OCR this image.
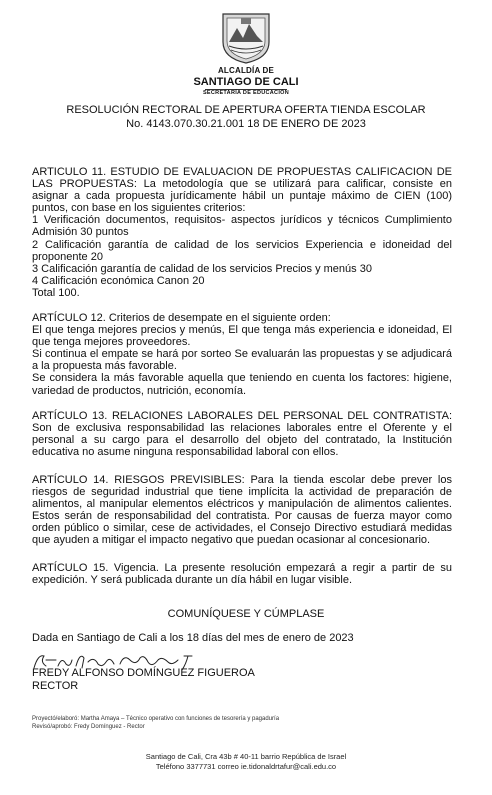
ALCALDÍA DE
SANTIAGO DE CALI
SECRETARÍA DE EDUCACIÓN
RESOLUCIÓN RECTORAL DE APERTURA OFERTA TIENDA ESCOLAR
No. 4143.070.30.21.001 18 DE ENERO DE 2023

ARTICULO 11. ESTUDIO DE EVALUACION DE PROPUESTAS CALIFICACION DE LAS PROPUESTAS: La metodología que se utilizará para calificar, consiste en asignar a cada propuesta jurídicamente hábil un puntaje máximo de CIEN (100) puntos, con base en los siguientes criterios:

1 Verificación documentos, requisitos- aspectos jurídicos y técnicos Cumplimiento Admisión 30 puntos

2 Calificación garantía de calidad de los servicios Experiencia e idoneidad del proponente 20

3 Calificación garantía de calidad de los servicios Precios y menús 30

4 Calificación económica Canon 20

Total 100.

ARTÍCULO 12. Criterios de desempate en el siguiente orden:

El que tenga mejores precios y menús, El que tenga más experiencia e idoneidad, El que tenga mejores proveedores.

Si continua el empate se hará por sorteo Se evaluarán las propuestas y se adjudicará a la propuesta más favorable.

Se considera la más favorable aquella que teniendo en cuenta los factores: higiene, variedad de productos, nutrición, economía.

ARTÍCULO 13. RELACIONES LABORALES DEL PERSONAL DEL CONTRATISTA: Son de exclusiva responsabilidad las relaciones laborales entre el Oferente y el personal a su cargo para el desarrollo del objeto del contratado, la Institución educativa no asume ninguna responsabilidad laboral con ellos.

ARTÍCULO 14. RIESGOS PREVISIBLES: Para la tienda escolar debe prever los riesgos de seguridad industrial que tiene implícita la actividad de preparación de alimentos, al manipular elementos eléctricos y manipulación de alimentos calientes. Estos serán de responsabilidad del contratista. Por causas de fuerza mayor como orden público o similar, cese de actividades, el Consejo Directivo estudiará medidas que ayuden a mitigar el impacto negativo que puedan ocasionar al concesionario.

ARTÍCULO 15. Vigencia. La presente resolución empezará a regir a partir de su expedición. Y será publicada durante un día hábil en lugar visible.

COMUNÍQUESE Y CÚMPLASE
Dada en Santiago de Cali a los 18 días del mes de enero de 2023
FREDY ALFONSO DOMÍNGUEZ FIGUEROA
RECTOR
Proyectó/elaboró: Martha Amaya – Técnico operativo con funciones de tesorería y pagaduría
Revisó/aprobó: Fredy Domínguez - Rector
Santiago de Cali, Cra 43b # 40-11 barrio República de Israel
Teléfono 3377731 correo ie.tidonaldrtafur@cali.edu.co
